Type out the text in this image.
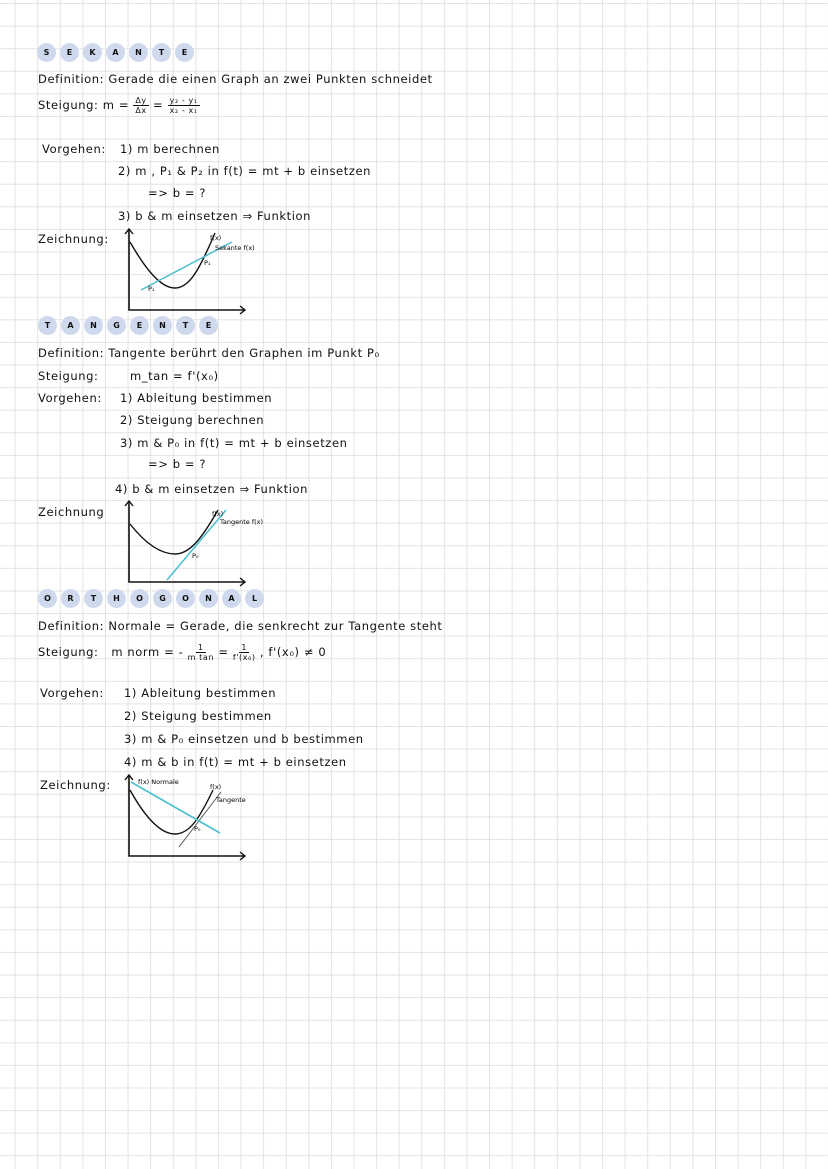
S	E	K	A	N	T	E
Definition: Gerade die einen Graph an zwei Punkten schneidet
Steigung: $m = \frac{\Delta y}{\Delta x} = \frac{\text{y₂ - y₁}}{\text{x₂ - x₁}}$
Vorgehen: 1) m berechnen
2) m , P₁ & P₂ in f(t) = mt + b einsetzen
=> b = ?
3) b & m einsetzen ⇒ Funktion
Zeichnung:	f(x)
Sekante f(x)
P₁
P₁
T	A	N	G	E	N	T	E
Definition: Tangente berührt den Graphen im Punkt P₀
Steigung:	m_tan = f'(x₀)
Vorgehen: 1) Ableitung bestimmen
2) Steigung berechnen
3) m & P₀ in f(t) = mt + b einsetzen
=> b = ?
4) b & m einsetzen ⇒ Funktion
Zeichnung	f(x)
Tangente f(x)
P₀
O	R	T	H	O	G	O	N	A	L
Definition: Normale = Gerade, die senkrecht zur Tangente steht
Steigung: m norm = - $\frac{1}{\text{m tan}} = \frac{1}{\text{f'(x₀)}}$ , f'(x₀) ≠ 0
Vorgehen: 1) Ableitung bestimmen
2) Steigung bestimmen
3) m & P₀ einsetzen und b bestimmen
4) m & b in f(t) = mt + b einsetzen
Zeichnung:	f(x) Normale
f(x)
Tangente
P₀
